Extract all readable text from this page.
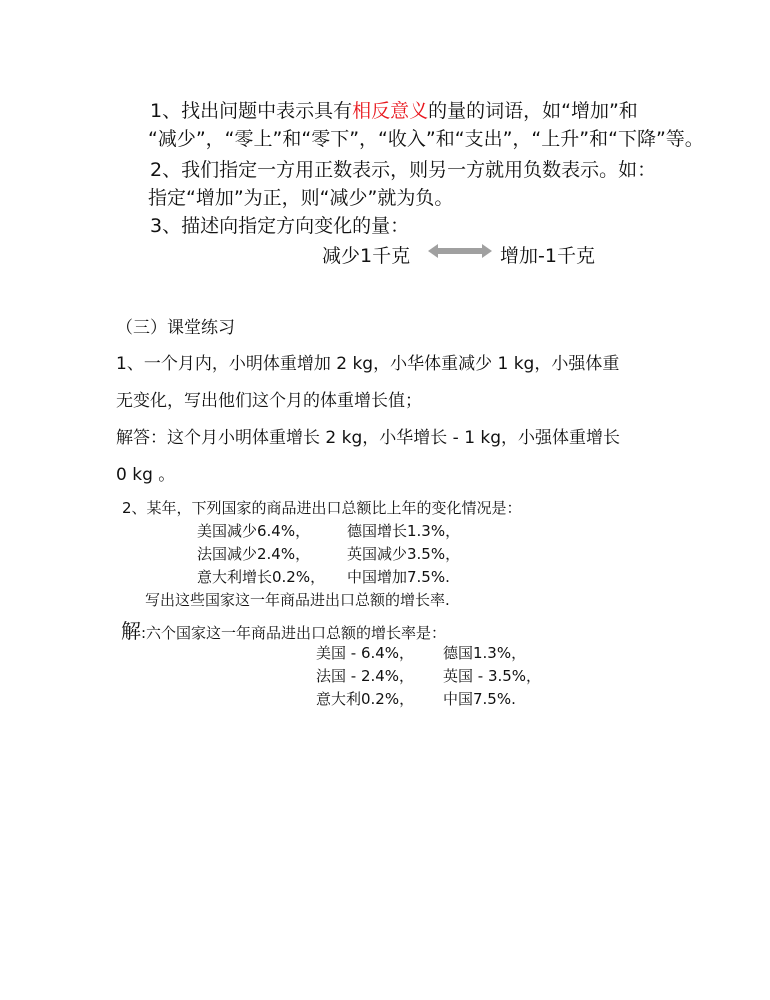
1、找出问题中表示具有相反意义的量的词语，如“增加”和
“减少”，“零上”和“零下”，“收入”和“支出”，“上升”和“下降”等。
2、我们指定一方用正数表示，则另一方就用负数表示。如：
指定“增加”为正，则“减少”就为负。
3、描述向指定方向变化的量：
减少1千克	增加-1千克
（三）课堂练习
1、一个月内，小明体重增加 2 kg，小华体重减少 1 kg，小强体重
无变化，写出他们这个月的体重增长值；
解答：这个月小明体重增长 2 kg，小华增长 - 1 kg，小强体重增长
0 kg 。
2、某年，下列国家的商品进出口总额比上年的变化情况是：
美国减少6.4%， 德国增长1.3%，
法国减少2.4%， 英国减少3.5%，
意大利增长0.2%， 中国增加7.5%.
写出这些国家这一年商品进出口总额的增长率.
解:六个国家这一年商品进出口总额的增长率是：
美国 - 6.4%， 德国1.3%，
法国 - 2.4%， 英国 - 3.5%，
意大利0.2%， 中国7.5%.
